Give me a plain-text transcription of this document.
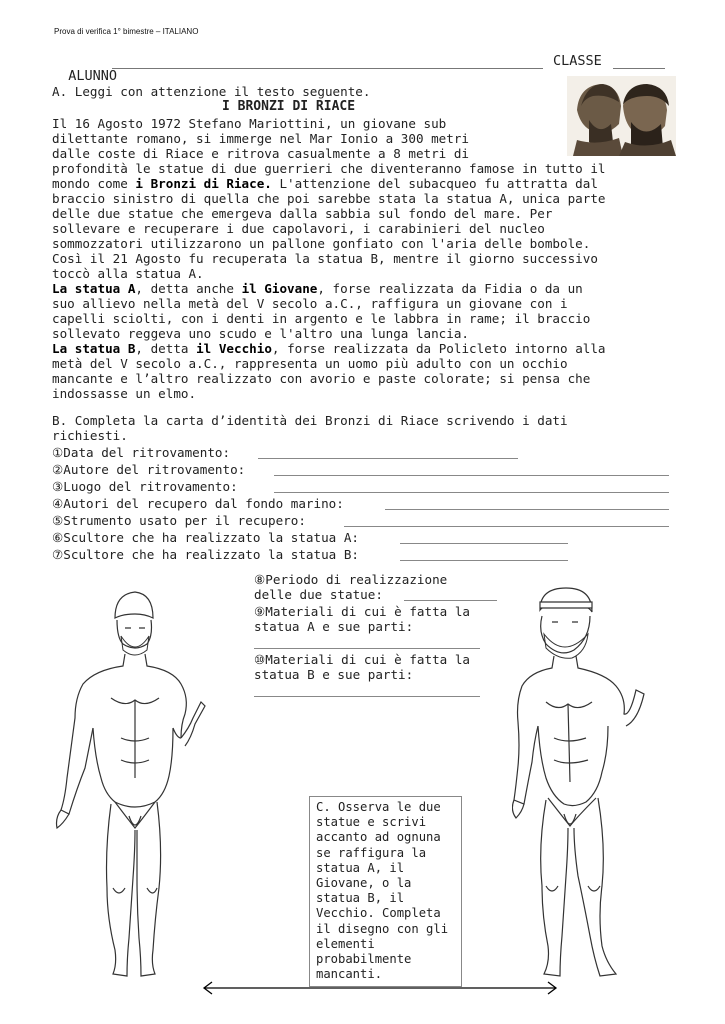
Prova di verifica 1° bimestre – ITALIANO

ALUNNO

CLASSE
A. Leggi con attenzione il testo seguente.
I BRONZI DI RIACE
Il 16 Agosto 1972 Stefano Mariottini, un giovane sub
dilettante romano, si immerge nel Mar Ionio a 300 metri
dalle coste di Riace e ritrova casualmente a 8 metri di
profondità le statue di due guerrieri che diventeranno famose in tutto il
mondo come i Bronzi di Riace. L'attenzione del subacqueo fu attratta dal
braccio sinistro di quella che poi sarebbe stata la statua A, unica parte
delle due statue che emergeva dalla sabbia sul fondo del mare. Per
sollevare e recuperare i due capolavori, i carabinieri del nucleo
sommozzatori utilizzarono un pallone gonfiato con l'aria delle bombole.
Così il 21 Agosto fu recuperata la statua B, mentre il giorno successivo
toccò alla statua A.
La statua A, detta anche il Giovane, forse realizzata da Fidia o da un
suo allievo nella metà del V secolo a.C., raffigura un giovane con i
capelli sciolti, con i denti in argento e le labbra in rame; il braccio
sollevato reggeva uno scudo e l'altro una lunga lancia.
La statua B, detta il Vecchio, forse realizzata da Policleto intorno alla
metà del V secolo a.C., rappresenta un uomo più adulto con un occhio
mancante e l’altro realizzato con avorio e paste colorate; si pensa che
indossasse un elmo.
B. Completa la carta d’identità dei Bronzi di Riace scrivendo i dati
richiesti.
①Data del ritrovamento:
②Autore del ritrovamento:
③Luogo del ritrovamento:
④Autori del recupero dal fondo marino:
⑤Strumento usato per il recupero:
⑥Scultore che ha realizzato la statua A:
⑦Scultore che ha realizzato la statua B:
⑧Periodo di realizzazione
delle due statue:
⑨Materiali di cui è fatta la
statua A e sue parti:
⑩Materiali di cui è fatta la
statua B e sue parti:
C. Osserva le due statue e scrivi accanto ad ognuna se raffigura la statua A, il Giovane, o la statua B, il Vecchio. Completa il disegno con gli elementi probabilmente mancanti.
